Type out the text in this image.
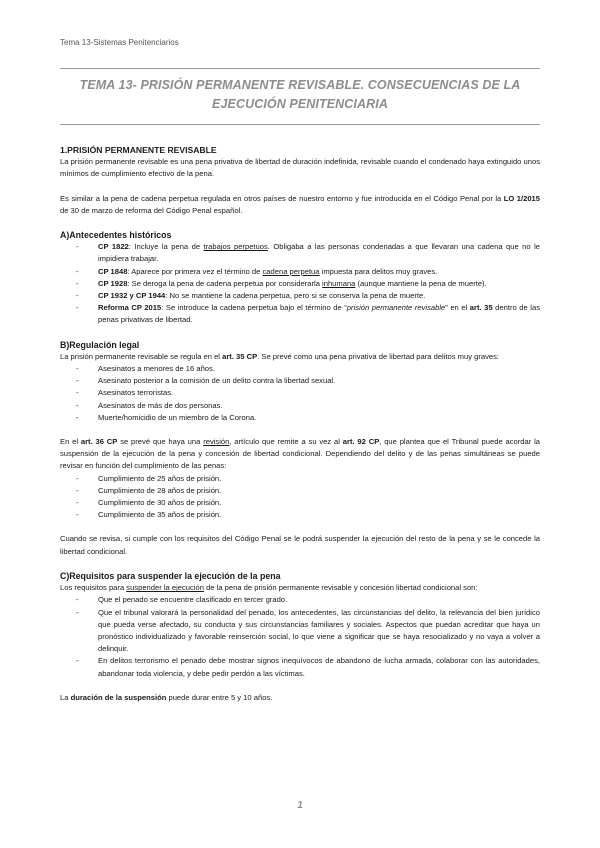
Tema 13-Sistemas Penitenciarios
TEMA 13- PRISIÓN PERMANENTE REVISABLE. CONSECUENCIAS DE LA
EJECUCIÓN PENITENCIARIA
1.PRISIÓN PERMANENTE REVISABLE
La prisión permanente revisable es una pena privativa de libertad de duración indefinida, revisable cuando el condenado haya extinguido unos mínimos de cumplimiento efectivo de la pena.
Es similar a la pena de cadena perpetua regulada en otros países de nuestro entorno y fue introducida en el Código Penal por la LO 1/2015 de 30 de marzo de reforma del Código Penal español.
A)Antecedentes históricos
- CP 1822: Incluye la pena de trabajos perpetuos. Obligaba a las personas condenadas a que llevaran una cadena que no le impidiera trabajar.
- CP 1848: Aparece por primera vez el término de cadena perpetua impuesta para delitos muy graves.
- CP 1928: Se deroga la pena de cadena perpetua por considerarla inhumana (aunque mantiene la pena de muerte).
- CP 1932 y CP 1944: No se mantiene la cadena perpetua, pero si se conserva la pena de muerte.
- Reforma CP 2015: Se introduce la cadena perpetua bajo el término de “prisión permanente revisable” en el art. 35 dentro de las penas privativas de libertad.
B)Regulación legal
La prisión permanente revisable se regula en el art. 35 CP. Se prevé como una pena privativa de libertad para delitos muy graves:
- Asesinatos a menores de 16 años.
- Asesinato posterior a la comisión de un delito contra la libertad sexual.
- Asesinatos terroristas.
- Asesinatos de más de dos personas.
- Muerte/homicidio de un miembro de la Corona.
En el art. 36 CP se prevé que haya una revisión, artículo que remite a su vez al art. 92 CP, que plantea que el Tribunal puede acordar la suspensión de la ejecución de la pena y concesión de libertad condicional. Dependiendo del delito y de las penas simultáneas se puede revisar en función del cumplimiento de las penas:
- Cumplimiento de 25 años de prisión.
- Cumplimiento de 28 años de prisión.
- Cumplimiento de 30 años de prisión.
- Cumplimiento de 35 años de prisión.
Cuando se revisa, si cumple con los requisitos del Código Penal se le podrá suspender la ejecución del resto de la pena y se le concede la libertad condicional.
C)Requisitos para suspender la ejecución de la pena
Los requisitos para suspender la ejecución de la pena de prisión permanente revisable y concesión libertad condicional son:
- Que el penado se encuentre clasificado en tercer grado.
- Que el tribunal valorará la personalidad del penado, los antecedentes, las circunstancias del delito, la relevancia del bien jurídico que pueda verse afectado, su conducta y sus circunstancias familiares y sociales. Aspectos que puedan acreditar que haya un pronóstico individualizado y favorable reinserción social, lo que viene a significar que se haya resocializado y no vaya a volver a delinquir.
- En delitos terrorismo el penado debe mostrar signos inequívocos de abandono de lucha armada, colaborar con las autoridades, abandonar toda violencia, y debe pedir perdón a las víctimas.
La duración de la suspensión puede durar entre 5 y 10 años.
1
